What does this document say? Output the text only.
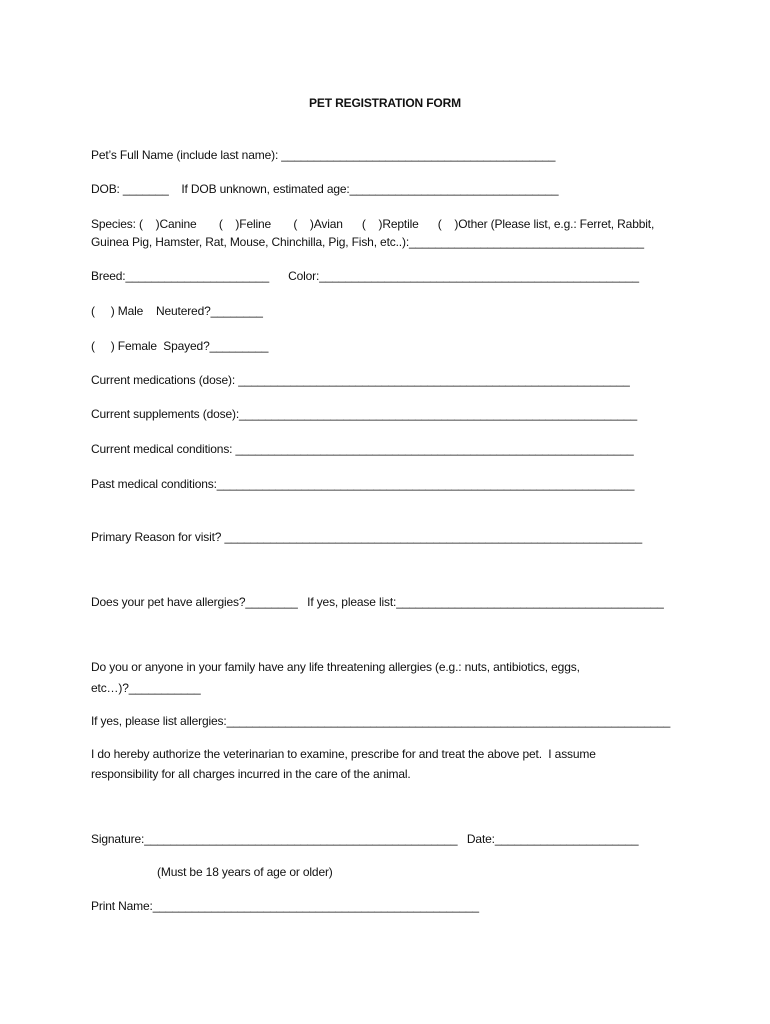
PET REGISTRATION FORM
Pet’s Full Name (include last name): __________________________________________
DOB: _______    If DOB unknown, estimated age:________________________________
Species: (    )Canine       (    )Feline       (    )Avian      (    )Reptile      (    )Other (Please list, e.g.: Ferret, Rabbit,
Guinea Pig, Hamster, Rat, Mouse, Chinchilla, Pig, Fish, etc..):____________________________________
Breed:______________________      Color:_________________________________________________
(     ) Male    Neutered?________
(     ) Female  Spayed?_________
Current medications (dose): ____________________________________________________________
Current supplements (dose):_____________________________________________________________
Current medical conditions: _____________________________________________________________
Past medical conditions:________________________________________________________________
Primary Reason for visit? ________________________________________________________________
Does your pet have allergies?________   If yes, please list:_________________________________________
Do you or anyone in your family have any life threatening allergies (e.g.: nuts, antibiotics, eggs,
etc…)?___________
If yes, please list allergies:____________________________________________________________________
I do hereby authorize the veterinarian to examine, prescribe for and treat the above pet.  I assume
responsibility for all charges incurred in the care of the animal.
Signature:________________________________________________   Date:______________________
(Must be 18 years of age or older)
Print Name:__________________________________________________
